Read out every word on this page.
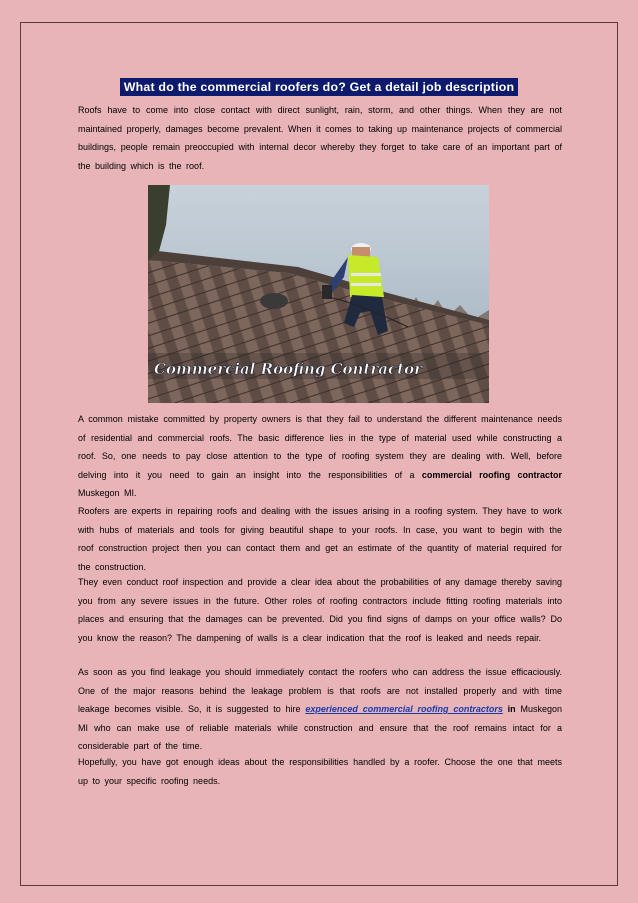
What do the commercial roofers do? Get a detail job description

Roofs have to come into close contact with direct sunlight, rain, storm, and other things. When they are not maintained properly, damages become prevalent. When it comes to taking up maintenance projects of commercial buildings, people remain preoccupied with internal decor whereby they forget to take care of an important part of the building which is the roof.

Commercial Roofing Contractor

A common mistake committed by property owners is that they fail to understand the different maintenance needs of residential and commercial roofs. The basic difference lies in the type of material used while constructing a roof. So, one needs to pay close attention to the type of roofing system they are dealing with. Well, before delving into it you need to gain an insight into the responsibilities of a commercial roofing contractor Muskegon MI.

Roofers are experts in repairing roofs and dealing with the issues arising in a roofing system. They have to work with hubs of materials and tools for giving beautiful shape to your roofs. In case, you want to begin with the roof construction project then you can contact them and get an estimate of the quantity of material required for the construction.

They even conduct roof inspection and provide a clear idea about the probabilities of any damage thereby saving you from any severe issues in the future. Other roles of roofing contractors include fitting roofing materials into places and ensuring that the damages can be prevented. Did you find signs of damps on your office walls? Do you know the reason? The dampening of walls is a clear indication that the roof is leaked and needs repair.

As soon as you find leakage you should immediately contact the roofers who can address the issue efficaciously. One of the major reasons behind the leakage problem is that roofs are not installed properly and with time leakage becomes visible. So, it is suggested to hire experienced commercial roofing contractors in Muskegon MI who can make use of reliable materials while construction and ensure that the roof remains intact for a considerable part of the time.

Hopefully, you have got enough ideas about the responsibilities handled by a roofer. Choose the one that meets up to your specific roofing needs.
